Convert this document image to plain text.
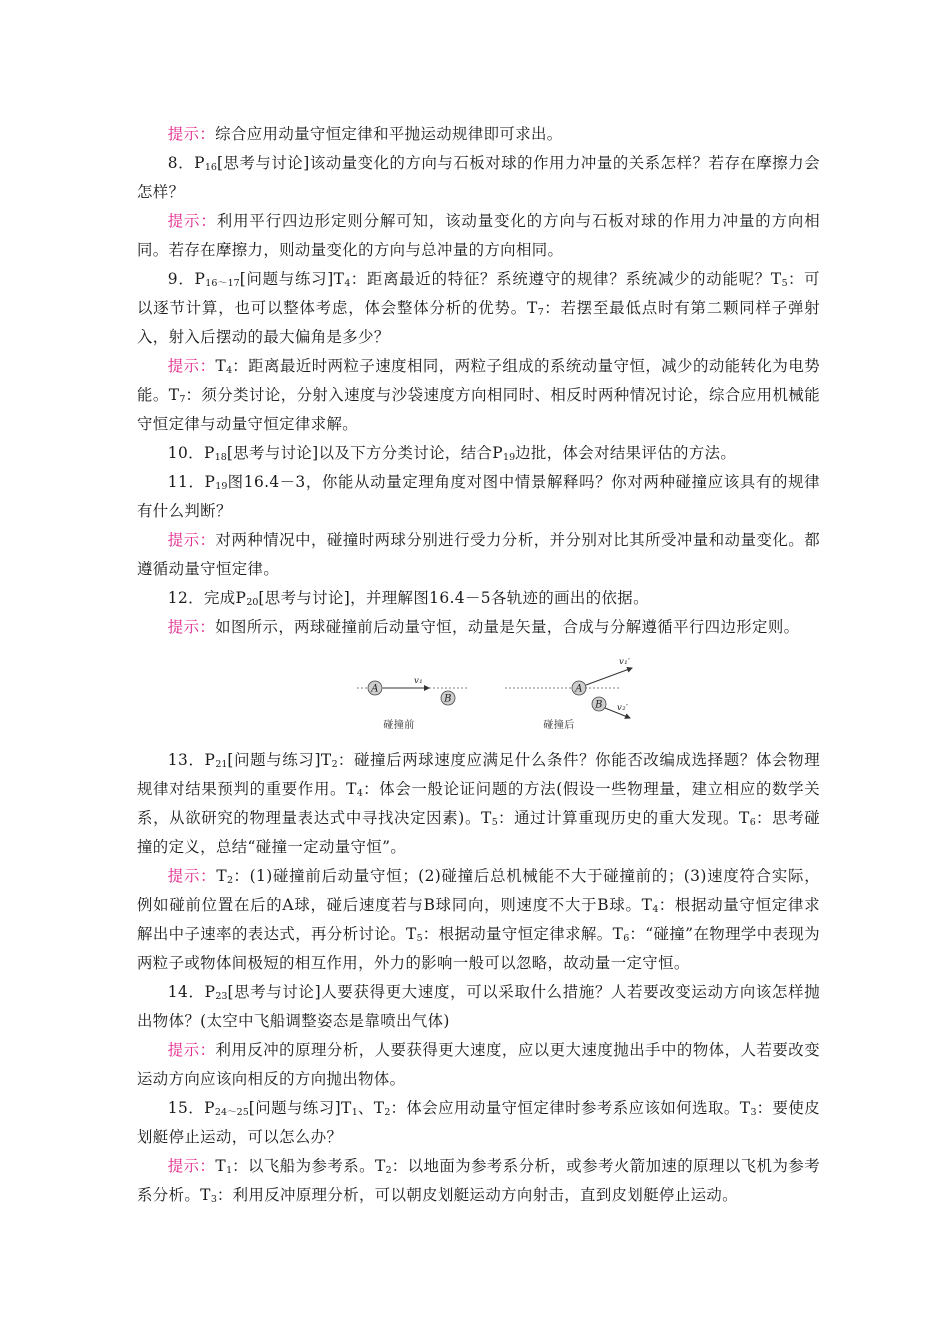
提示：综合应用动量守恒定律和平抛运动规律即可求出。

8．$P_{16}$[思考与讨论]该动量变化的方向与石板对球的作用力冲量的关系怎样？若存在摩擦力会怎样？

提示：利用平行四边形定则分解可知，该动量变化的方向与石板对球的作用力冲量的方向相同。若存在摩擦力，则动量变化的方向与总冲量的方向相同。

9．$P_{16\sim 17}$[问题与练习]$T_4$：距离最近的特征？系统遵守的规律？系统减少的动能呢？$T_5$：可以逐节计算，也可以整体考虑，体会整体分析的优势。$T_7$：若摆至最低点时有第二颗同样子弹射入，射入后摆动的最大偏角是多少？

提示：$T_4$：距离最近时两粒子速度相同，两粒子组成的系统动量守恒，减少的动能转化为电势能。$T_7$：须分类讨论，分射入速度与沙袋速度方向相同时、相反时两种情况讨论，综合应用机械能守恒定律与动量守恒定律求解。

10．$P_{18}$[思考与讨论]以及下方分类讨论，结合$P_{19}$边批，体会对结果评估的方法。

11．$P_{19}$图16.4－3，你能从动量定理角度对图中情景解释吗？你对两种碰撞应该具有的规律有什么判断？

提示：对两种情况中，碰撞时两球分别进行受力分析，并分别对比其所受冲量和动量变化。都遵循动量守恒定律。

12．完成$P_{20}$[思考与讨论]，并理解图16.4－5各轨迹的画出的依据。

提示：如图所示，两球碰撞前后动量守恒，动量是矢量，合成与分解遵循平行四边形定则。

A
v₁
B
碰撞前
A
v₁′
B v₂′
碰撞后

13．$P_{21}$[问题与练习]$T_2$：碰撞后两球速度应满足什么条件？你能否改编成选择题？体会物理规律对结果预判的重要作用。$T_4$：体会一般论证问题的方法(假设一些物理量，建立相应的数学关系，从欲研究的物理量表达式中寻找决定因素)。$T_5$：通过计算重现历史的重大发现。$T_6$：思考碰撞的定义，总结“碰撞一定动量守恒”。

提示：$T_2$：(1)碰撞前后动量守恒；(2)碰撞后总机械能不大于碰撞前的；(3)速度符合实际，例如碰前位置在后的A球，碰后速度若与B球同向，则速度不大于B球。$T_4$：根据动量守恒定律求解出中子速率的表达式，再分析讨论。$T_5$：根据动量守恒定律求解。$T_6$：“碰撞”在物理学中表现为两粒子或物体间极短的相互作用，外力的影响一般可以忽略，故动量一定守恒。

14．$P_{23}$[思考与讨论]人要获得更大速度，可以采取什么措施？人若要改变运动方向该怎样抛出物体？(太空中飞船调整姿态是靠喷出气体)

提示：利用反冲的原理分析，人要获得更大速度，应以更大速度抛出手中的物体，人若要改变运动方向应该向相反的方向抛出物体。

15．$P_{24\sim 25}$[问题与练习]$T_1$、$T_2$：体会应用动量守恒定律时参考系应该如何选取。$T_3$：要使皮划艇停止运动，可以怎么办？

提示：$T_1$：以飞船为参考系。$T_2$：以地面为参考系分析，或参考火箭加速的原理以飞机为参考系分析。$T_3$：利用反冲原理分析，可以朝皮划艇运动方向射击，直到皮划艇停止运动。
